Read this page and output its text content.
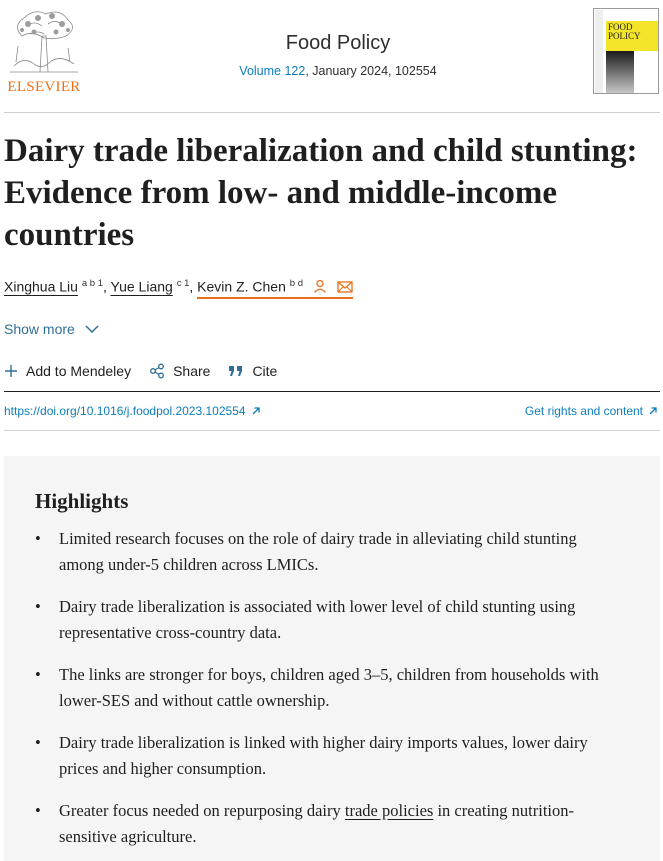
ELSEVIER
Food Policy
Volume 122, January 2024, 102554
FOOD
POLICY
Dairy trade liberalization and child stunting: Evidence from low- and middle-income countries
Xinghua Liu $^{a b 1}$, Yue Liang $^{c 1}$, Kevin Z. Chen $^{b d}$
Show more
Add to Mendeley	Share	Cite
https://doi.org/10.1016/j.foodpol.2023.102554	Get rights and content
Highlights
• Limited research focuses on the role of dairy trade in alleviating child stunting among under-5 children across LMICs.
• Dairy trade liberalization is associated with lower level of child stunting using representative cross-country data.
• The links are stronger for boys, children aged 3–5, children from households with lower-SES and without cattle ownership.
• Dairy trade liberalization is linked with higher dairy imports values, lower dairy prices and higher consumption.
• Greater focus needed on repurposing dairy trade policies in creating nutrition-sensitive agriculture.
